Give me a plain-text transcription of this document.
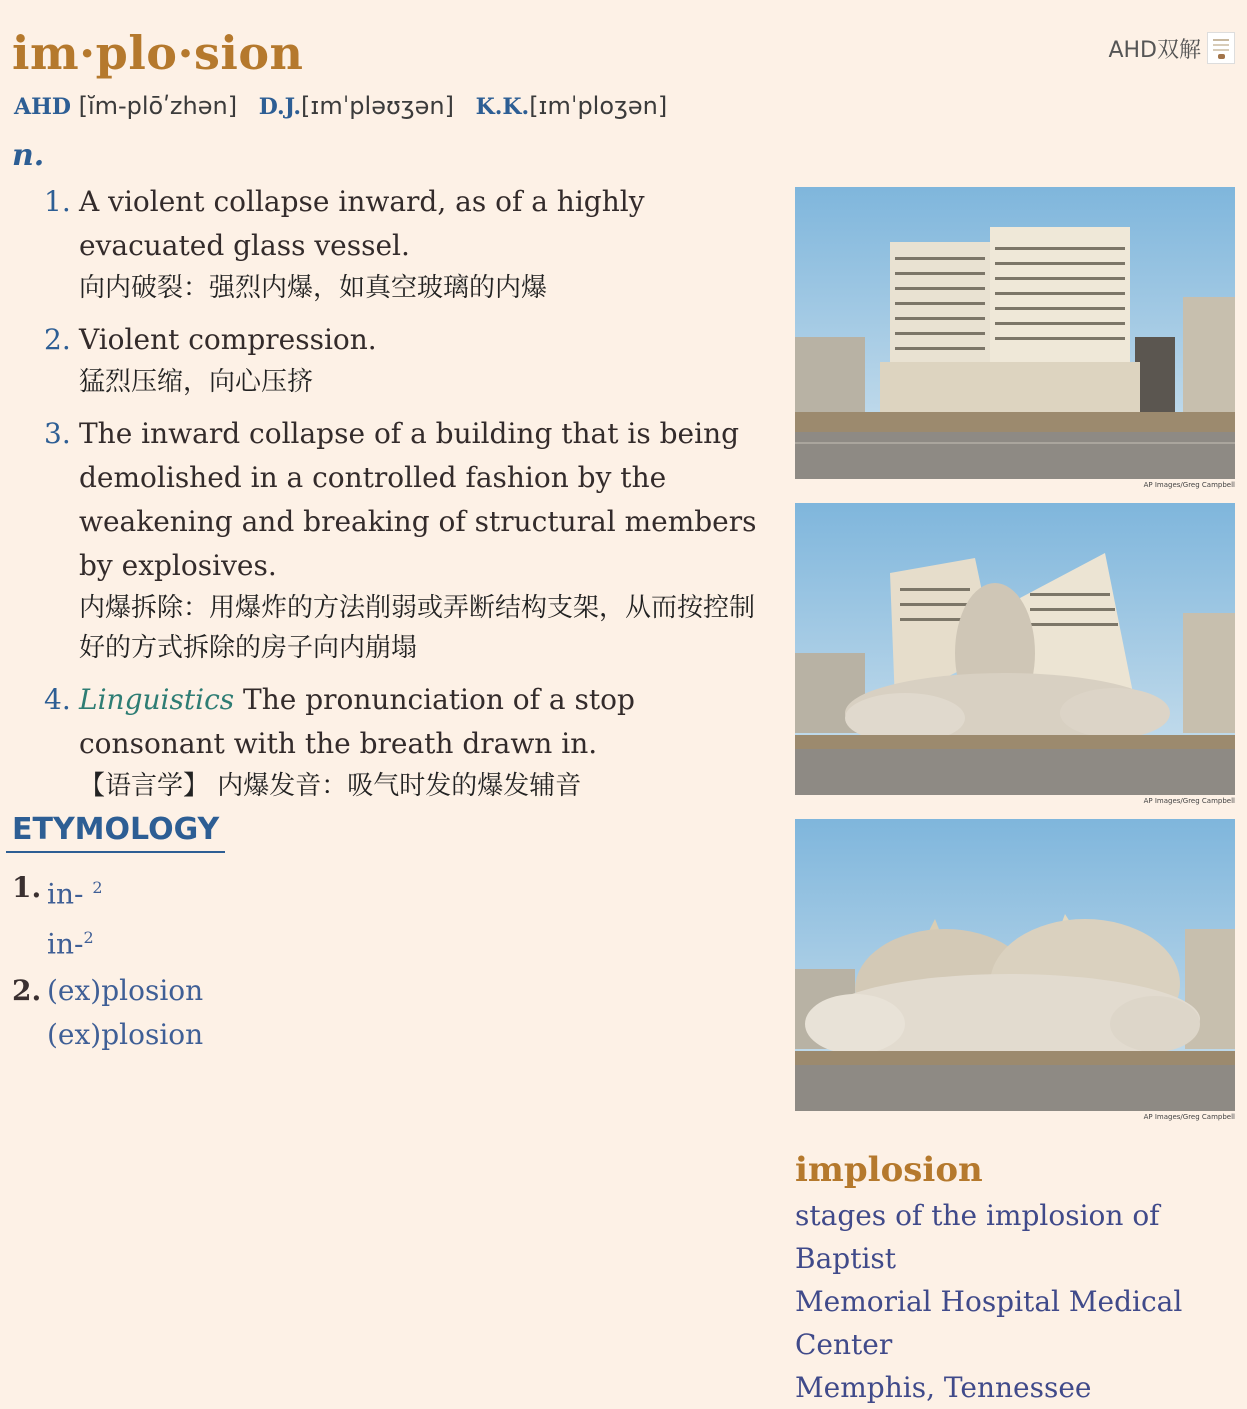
im·plo·sion	AHD双解
AHD [ĭm-plōʹzhən] D.J.[ɪmˈpləʊʒən] K.K.[ɪmˈploʒən]
n.
1. A violent collapse inward, as of a highly evacuated glass vessel.
向内破裂：强烈内爆，如真空玻璃的内爆
2. Violent compression.
猛烈压缩，向心压挤
3. The inward collapse of a building that is being demolished in a controlled fashion by the weakening and breaking of structural members by explosives.
内爆拆除：用爆炸的方法削弱或弄断结构支架，从而按控制好的方式拆除的房子向内崩塌
4. Linguistics The pronunciation of a stop consonant with the breath drawn in.
【语言学】 内爆发音：吸气时发的爆发辅音
ETYMOLOGY
1. in- $^2$
in-$^2$
2. (ex)plosion
(ex)plosion
AP Images/Greg Campbell
AP Images/Greg Campbell
AP Images/Greg Campbell
implosion
stages of the implosion of Baptist
Memorial Hospital Medical
Center
Memphis, Tennessee
